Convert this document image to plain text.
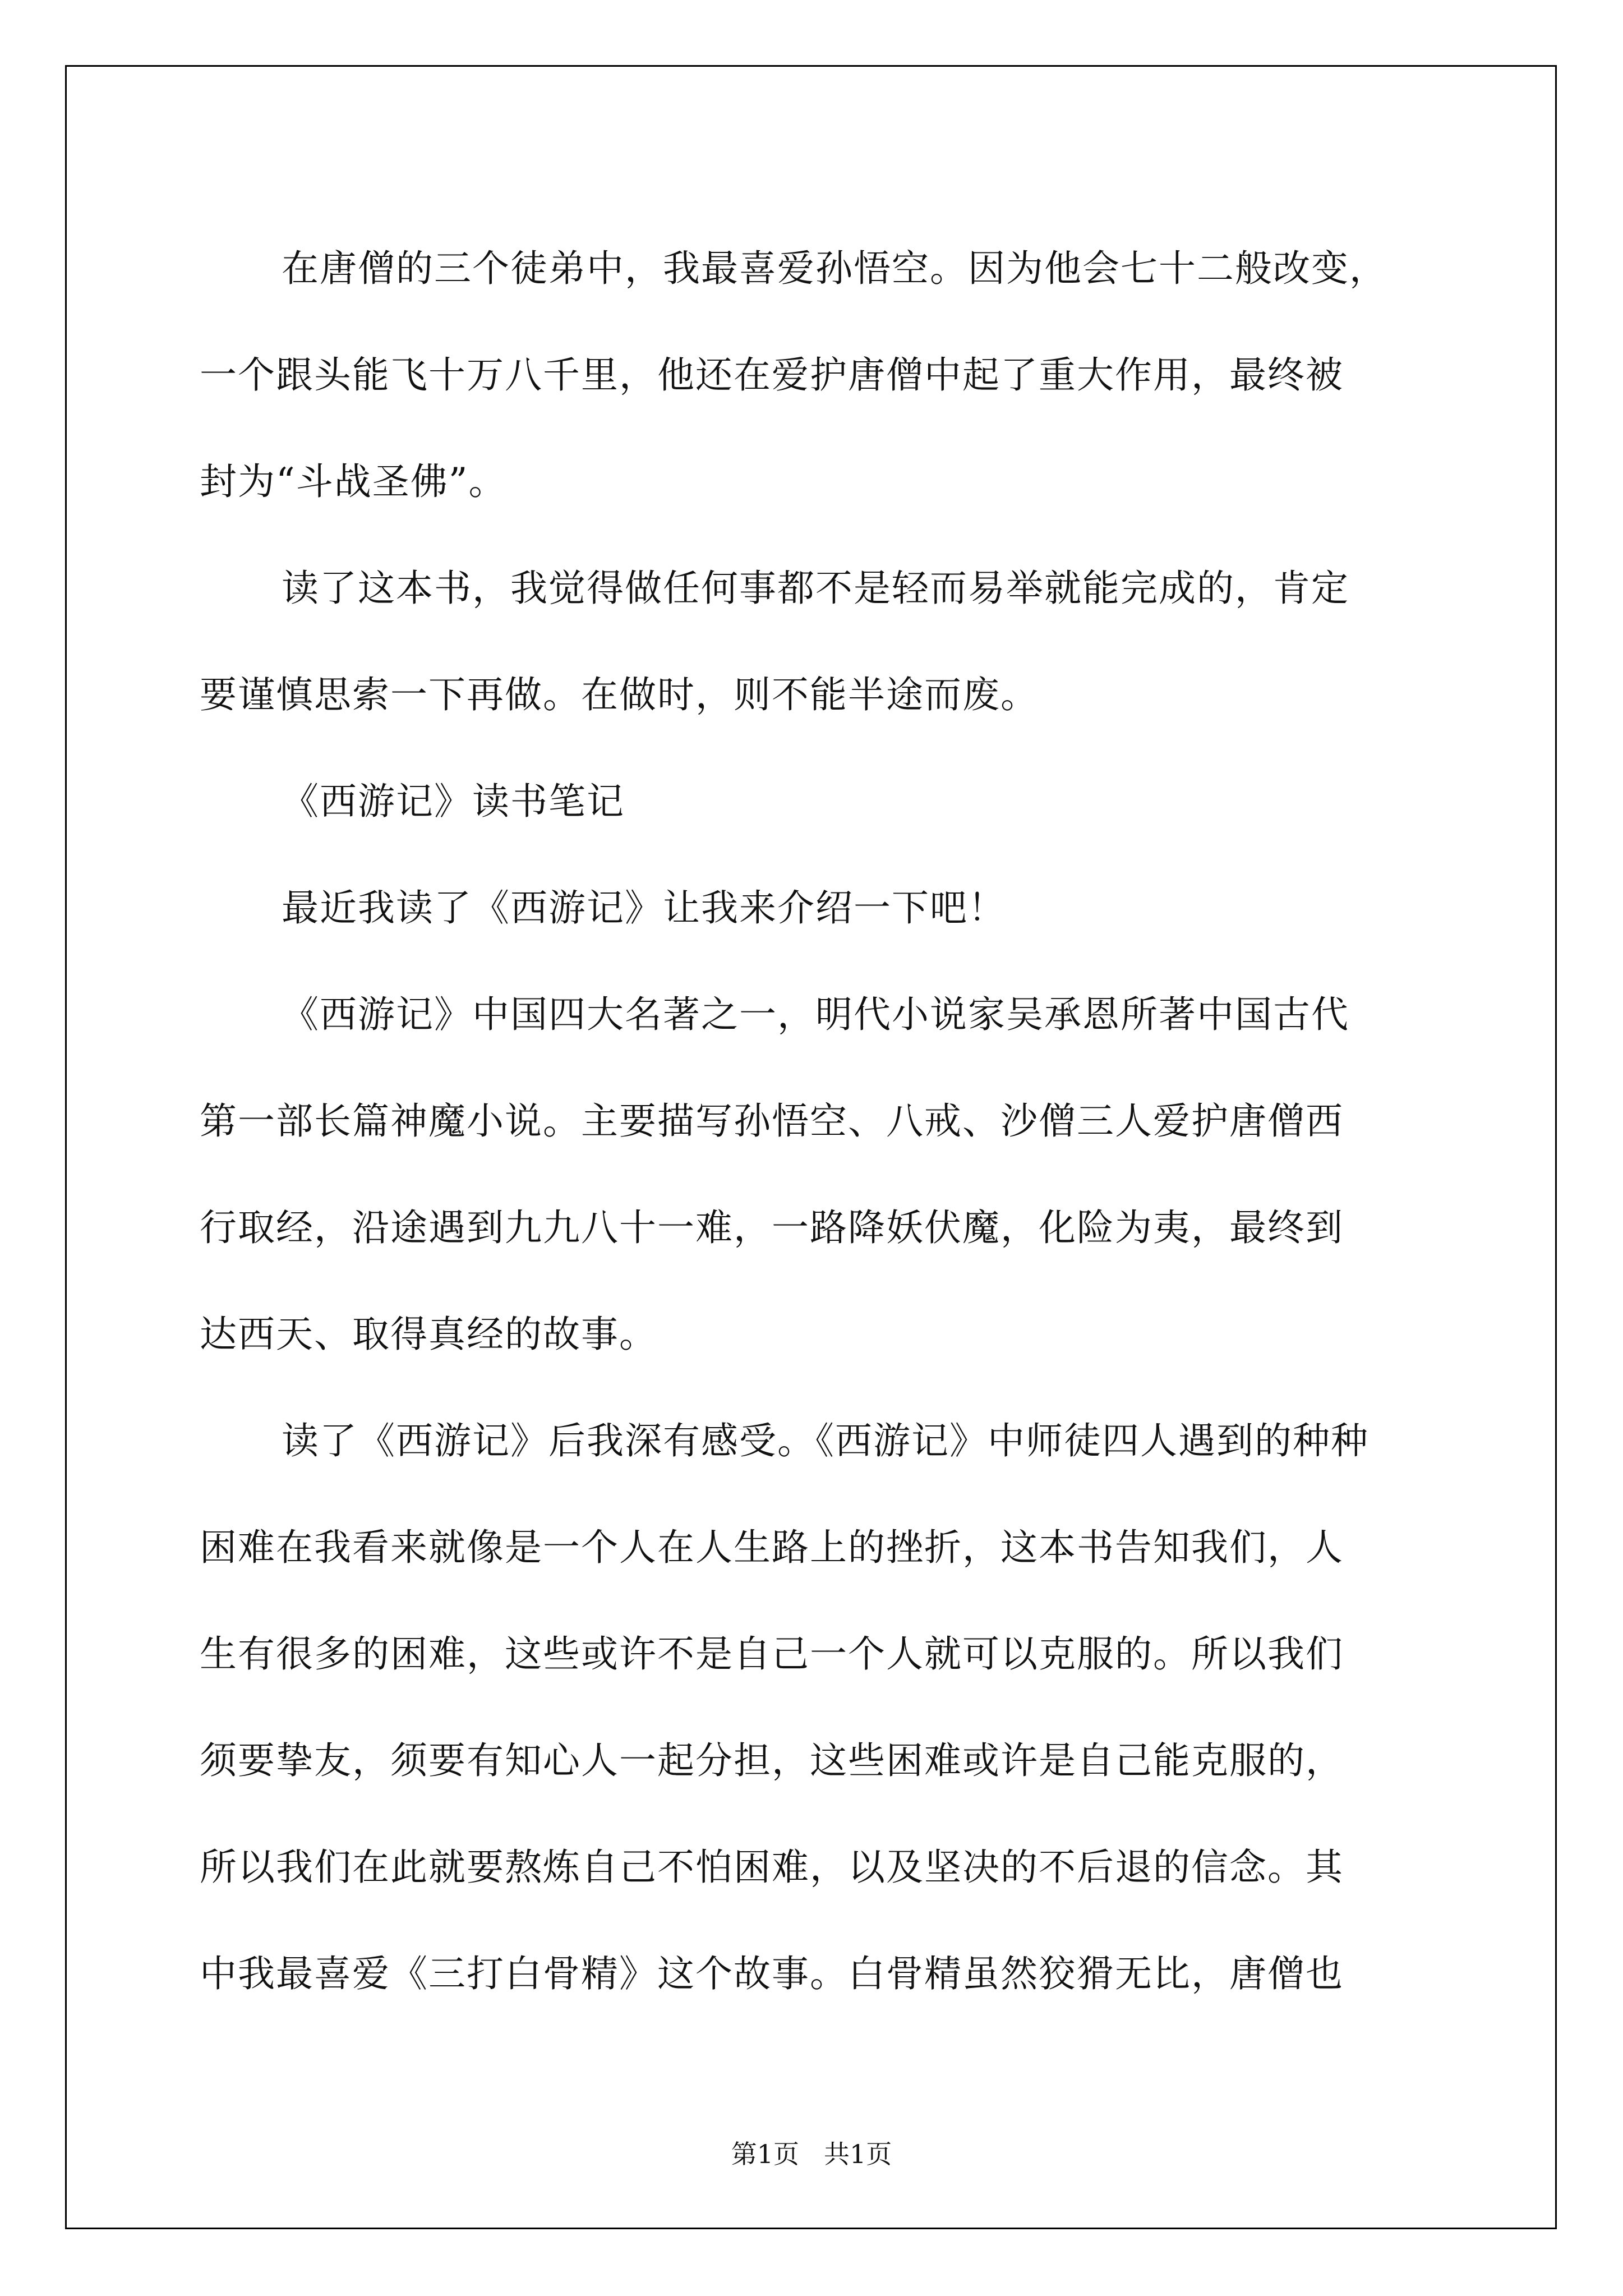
在唐僧的三个徒弟中，我最喜爱孙悟空。因为他会七十二般改变，
一个跟头能飞十万八千里，他还在爱护唐僧中起了重大作用，最终被
封为“斗战圣佛”。

读了这本书，我觉得做任何事都不是轻而易举就能完成的，肯定
要谨慎思索一下再做。在做时，则不能半途而废。

《西游记》读书笔记

最近我读了《西游记》让我来介绍一下吧！

《西游记》中国四大名著之一，明代小说家吴承恩所著中国古代
第一部长篇神魔小说。主要描写孙悟空、八戒、沙僧三人爱护唐僧西
行取经，沿途遇到九九八十一难，一路降妖伏魔，化险为夷，最终到
达西天、取得真经的故事。

读了《西游记》后我深有感受。《西游记》中师徒四人遇到的种种
困难在我看来就像是一个人在人生路上的挫折，这本书告知我们，人
生有很多的困难，这些或许不是自己一个人就可以克服的。所以我们
须要挚友，须要有知心人一起分担，这些困难或许是自己能克服的，
所以我们在此就要熬炼自己不怕困难，以及坚决的不后退的信念。其
中我最喜爱《三打白骨精》这个故事。白骨精虽然狡猾无比，唐僧也

第1页 共1页
